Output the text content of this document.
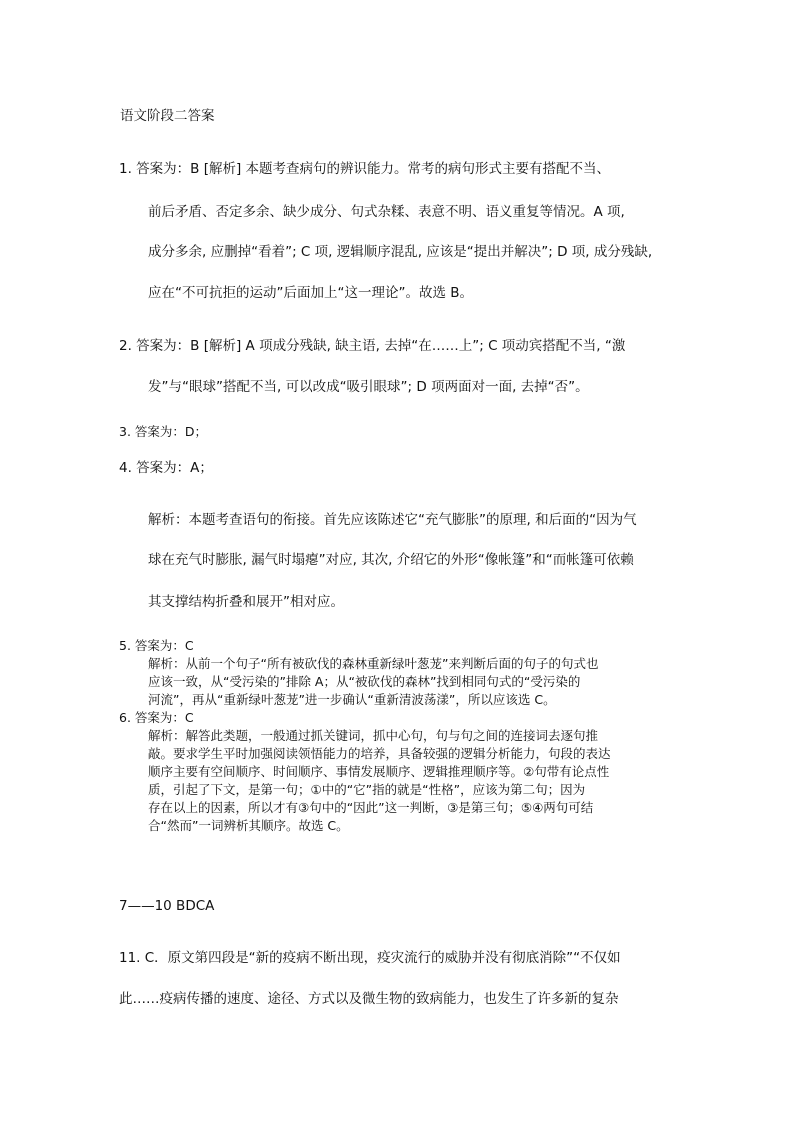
语文阶段二答案
1. 答案为：B [解析] 本题考查病句的辨识能力。常考的病句形式主要有搭配不当、
前后矛盾、否定多余、缺少成分、句式杂糅、表意不明、语义重复等情况。A 项,
成分多余, 应删掉“看着”; C 项, 逻辑顺序混乱, 应该是“提出并解决”; D 项, 成分残缺,
应在“不可抗拒的运动”后面加上“这一理论”。故选 B。
2. 答案为：B [解析] A 项成分残缺, 缺主语, 去掉“在……上”; C 项动宾搭配不当, “激
发”与“眼球”搭配不当, 可以改成“吸引眼球”; D 项两面对一面, 去掉“否”。
3. 答案为：D；
4. 答案为：A；
解析：本题考查语句的衔接。首先应该陈述它“充气膨胀”的原理, 和后面的“因为气
球在充气时膨胀, 漏气时塌瘪”对应, 其次, 介绍它的外形“像帐篷”和“而帐篷可依赖
其支撑结构折叠和展开”相对应。
5. 答案为：C
解析：从前一个句子“所有被砍伐的森林重新绿叶葱茏”来判断后面的句子的句式也
应该一致，从“受污染的”排除 A；从“被砍伐的森林”找到相同句式的“受污染的
河流”，再从“重新绿叶葱茏”进一步确认“重新清波荡漾”，所以应该选 C。
6. 答案为：C
解析：解答此类题，一般通过抓关键词，抓中心句，句与句之间的连接词去逐句推
敲。要求学生平时加强阅读领悟能力的培养，具备较强的逻辑分析能力，句段的表达
顺序主要有空间顺序、时间顺序、事情发展顺序、逻辑推理顺序等。②句带有论点性
质，引起了下文，是第一句；①中的“它”指的就是“性格”，应该为第二句；因为
存在以上的因素，所以才有③句中的“因此”这一判断，③是第三句；⑤④两句可结
合“然而”一词辨析其顺序。故选 C。
7——10 BDCA
11. C．原文第四段是“新的疫病不断出现，疫灾流行的威胁并没有彻底消除”“不仅如
此……疫病传播的速度、途径、方式以及微生物的致病能力，也发生了许多新的复杂
